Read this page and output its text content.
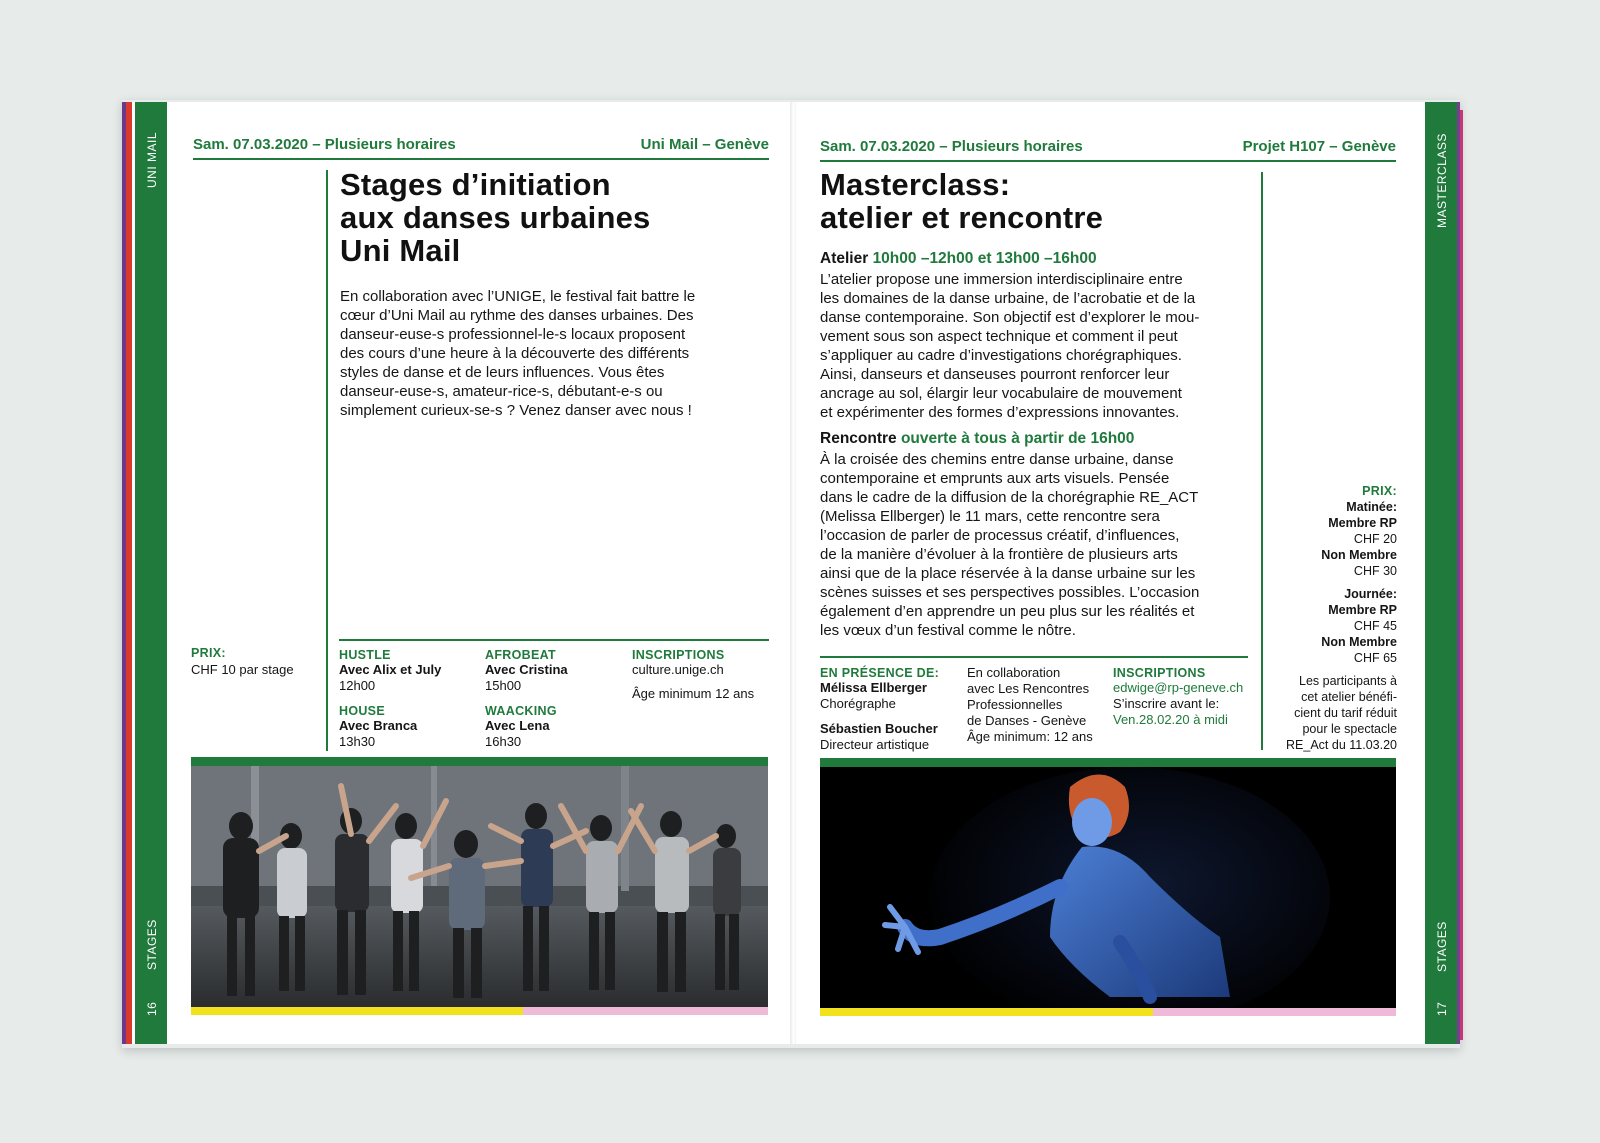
UNI MAIL
STAGES
16
MASTERCLASS
STAGES
17
Sam. 07.03.2020 – Plusieurs horaires	Uni Mail – Genève
Stages d’initiation
aux danses urbaines
Uni Mail
En collaboration avec l’UNIGE, le festival fait battre le
cœur d’Uni Mail au rythme des danses urbaines. Des
danseur-euse-s professionnel-le-s locaux proposent
des cours d’une heure à la découverte des différents
styles de danse et de leurs influences. Vous êtes
danseur-euse-s, amateur-rice-s, débutant-e-s ou
simplement curieux-se-s ? Venez danser avec nous !
PRIX:
CHF 10 par stage
HUSTLE
Avec Alix et July
12h00
AFROBEAT
Avec Cristina
15h00
HOUSE
Avec Branca
13h30
WAACKING
Avec Lena
16h30
INSCRIPTIONS
culture.unige.ch
Âge minimum 12 ans
Sam. 07.03.2020 – Plusieurs horaires	Projet H107 – Genève
Masterclass:
atelier et rencontre
Atelier 10h00 –12h00 et 13h00 –16h00
L’atelier propose une immersion interdisciplinaire entre
les domaines de la danse urbaine, de l’acrobatie et de la
danse contemporaine. Son objectif est d’explorer le mou-
vement sous son aspect technique et comment il peut
s’appliquer au cadre d’investigations chorégraphiques.
Ainsi, danseurs et danseuses pourront renforcer leur
ancrage au sol, élargir leur vocabulaire de mouvement
et expérimenter des formes d’expressions innovantes.
Rencontre ouverte à tous à partir de 16h00
À la croisée des chemins entre danse urbaine, danse
contemporaine et emprunts aux arts visuels. Pensée
dans le cadre de la diffusion de la chorégraphie RE_ACT
(Melissa Ellberger) le 11 mars, cette rencontre sera
l’occasion de parler de processus créatif, d’influences,
de la manière d’évoluer à la frontière de plusieurs arts
ainsi que de la place réservée à la danse urbaine sur les
scènes suisses et ses perspectives possibles. L’occasion
également d’en apprendre un peu plus sur les réalités et
les vœux d’un festival comme le nôtre.
EN PRÉSENCE DE:
Mélissa Ellberger
Chorégraphe
Sébastien Boucher
Directeur artistique
En collaboration
avec Les Rencontres
Professionnelles
de Danses - Genève
Âge minimum: 12 ans
INSCRIPTIONS
edwige@rp-geneve.ch
S’inscrire avant le:
Ven.28.02.20 à midi
PRIX:
Matinée:
Membre RP
CHF 20
Non Membre
CHF 30
Journée:
Membre RP
CHF 45
Non Membre
CHF 65
Les participants à
cet atelier bénéfi-
cient du tarif réduit
pour le spectacle
RE_Act du 11.03.20
